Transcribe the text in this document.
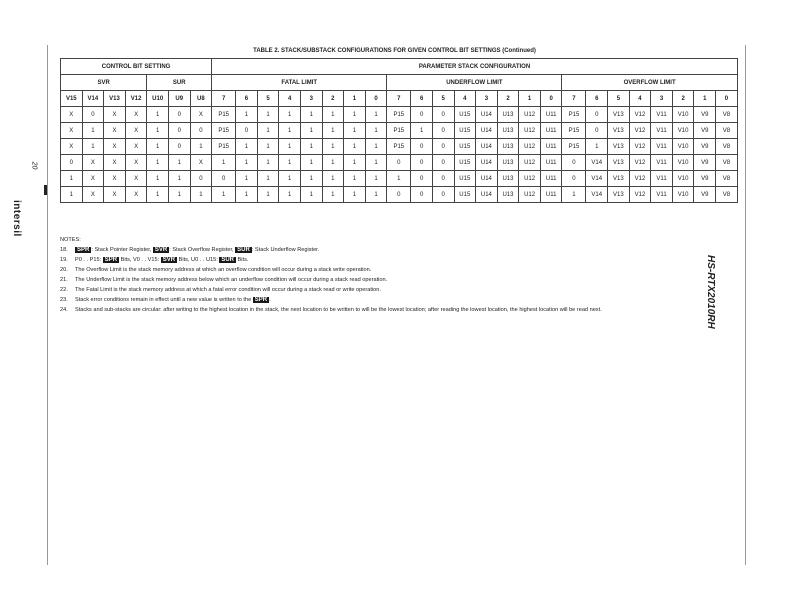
20
intersil
HS-RTX2010RH
TABLE 2. STACK/SUBSTACK CONFIGURATIONS FOR GIVEN CONTROL BIT SETTINGS (Continued)
CONTROL BIT SETTING							PARAMETER STACK CONFIGURATION																							
SVR				SUR			FATAL LIMIT								UNDERFLOW LIMIT								OVERFLOW LIMIT							
V15	V14	V13	V12	U10	U9	U8	7	6	5	4	3	2	1	0	7	6	5	4	3	2	1	0	7	6	5	4	3	2	1	0
X	0	X	X	1	0	X	P15	1	1	1	1	1	1	1	P15	0	0	U15	U14	U13	U12	U11	P15	0	V13	V12	V11	V10	V9	V8
X	1	X	X	1	0	0	P15	0	1	1	1	1	1	1	P15	1	0	U15	U14	U13	U12	U11	P15	0	V13	V12	V11	V10	V9	V8
X	1	X	X	1	0	1	P15	1	1	1	1	1	1	1	P15	0	0	U15	U14	U13	U12	U11	P15	1	V13	V12	V11	V10	V9	V8
0	X	X	X	1	1	X	1	1	1	1	1	1	1	1	0	0	0	U15	U14	U13	U12	U11	0	V14	V13	V12	V11	V10	V9	V8
1	X	X	X	1	1	0	0	1	1	1	1	1	1	1	1	0	0	U15	U14	U13	U12	U11	0	V14	V13	V12	V11	V10	V9	V8
1	X	X	X	1	1	1	1	1	1	1	1	1	1	1	0	0	0	U15	U14	U13	U12	U11	1	V14	V13	V12	V11	V10	V9	V8
NOTES:
18. SPR : Stack Pointer Register, SVR : Stack Overflow Register, SUR : Stack Underflow Register.
19. P0 . . P15: SPR Bits, V0 . . V15: SVR Bits, U0 . . U15: SUR Bits.
20. The Overflow Limit is the stack memory address at which an overflow condition will occur during a stack write operation.
21. The Underflow Limit is the stack memory address below which an underflow condition will occur during a stack read operation.
22. The Fatal Limit is the stack memory address at which a fatal error condition will occur during a stack read or write operation.
23. Stack error conditions remain in effect until a new value is written to the SPR .
24. Stacks and sub-stacks are circular: after writing to the highest location in the stack, the next location to be written to will be the lowest location; after reading the lowest location, the highest location will be read next.
